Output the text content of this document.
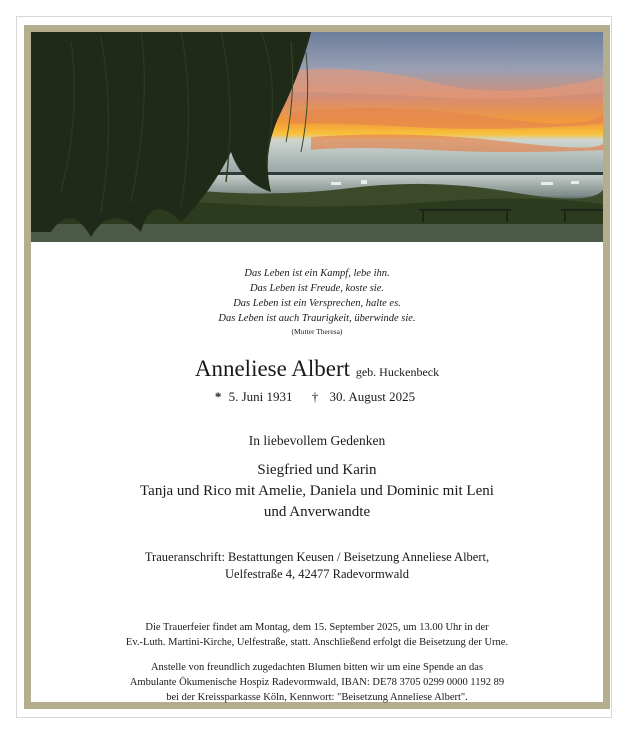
Das Leben ist ein Kampf, lebe ihn.
Das Leben ist Freude, koste sie.
Das Leben ist ein Versprechen, halte es.
Das Leben ist auch Traurigkeit, überwinde sie.
(Mutter Theresa)
Anneliese Albert geb. Huckenbeck
* 5. Juni 1931 † 30. August 2025
In liebevollem Gedenken
Siegfried und Karin
Tanja und Rico mit Amelie, Daniela und Dominic mit Leni
und Anverwandte
Traueranschrift: Bestattungen Keusen / Beisetzung Anneliese Albert,
Uelfestraße 4, 42477 Radevormwald
Die Trauerfeier findet am Montag, dem 15. September 2025, um 13.00 Uhr in der
Ev.-Luth. Martini-Kirche, Uelfestraße, statt. Anschließend erfolgt die Beisetzung der Urne.
Anstelle von freundlich zugedachten Blumen bitten wir um eine Spende an das
Ambulante Ökumenische Hospiz Radevormwald, IBAN: DE78 3705 0299 0000 1192 89
bei der Kreissparkasse Köln, Kennwort: "Beisetzung Anneliese Albert".
